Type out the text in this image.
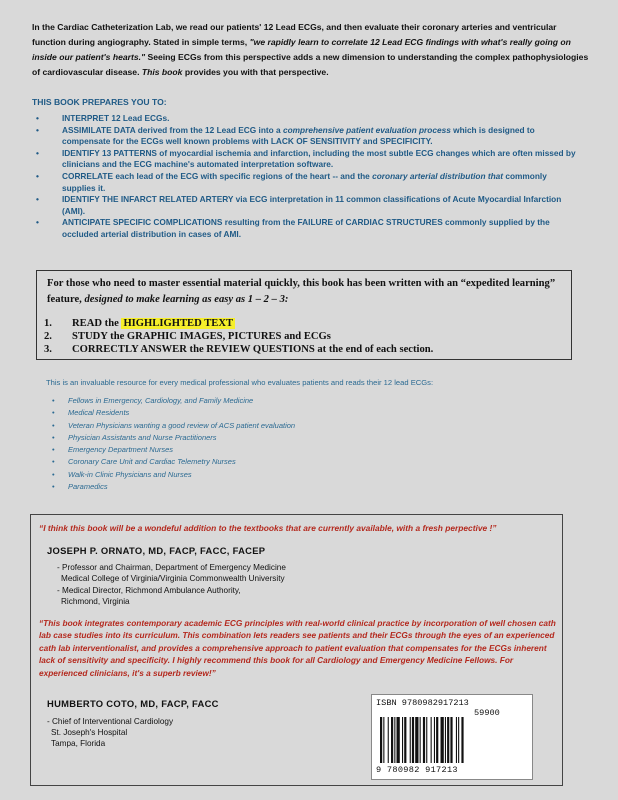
In the Cardiac Catheterization Lab, we read our patients' 12 Lead ECGs, and then evaluate their coronary arteries and ventricular function during angiography. Stated in simple terms, "we rapidly learn to correlate 12 Lead ECG findings with what's really going on inside our patient's hearts." Seeing ECGs from this perspective adds a new dimension to understanding the complex pathophysiologies of cardiovascular disease. This book provides you with that perspective.

THIS BOOK PREPARES YOU TO:

•	INTERPRET 12 Lead ECGs.
•	ASSIMILATE DATA derived from the 12 Lead ECG into a comprehensive patient evaluation process which is designed to compensate for the ECGs well known problems with LACK OF SENSITIVITY and SPECIFICITY.
•	IDENTIFY 13 PATTERNS of myocardial ischemia and infarction, including the most subtle ECG changes which are often missed by clinicians and the ECG machine's automated interpretation software.
•	CORRELATE each lead of the ECG with specific regions of the heart -- and the coronary arterial distribution that commonly supplies it.
•	IDENTIFY THE INFARCT RELATED ARTERY via ECG interpretation in 11 common classifications of Acute Myocardial Infarction (AMI).
•	ANTICIPATE SPECIFIC COMPLICATIONS resulting from the FAILURE of CARDIAC STRUCTURES commonly supplied by the occluded arterial distribution in cases of AMI.

For those who need to master essential material quickly, this book has been written with an “expedited learning” feature, designed to make learning as easy as 1 – 2 – 3:

1. READ the HIGHLIGHTED TEXT
2. STUDY the GRAPHIC IMAGES, PICTURES and ECGs
3. CORRECTLY ANSWER the REVIEW QUESTIONS at the end of each section.

This is an invaluable resource for every medical professional who evaluates patients and reads their 12 lead ECGs:

• Fellows in Emergency, Cardiology, and Family Medicine
• Medical Residents
• Veteran Physicians wanting a good review of ACS patient evaluation
• Physician Assistants and Nurse Practitioners
• Emergency Department Nurses
• Coronary Care Unit and Cardiac Telemetry Nurses
• Walk-in Clinic Physicians and Nurses
• Paramedics

“I think this book will be a wondeful addition to the textbooks that are currently available, with a fresh perpective !”

JOSEPH P. ORNATO, MD, FACP, FACC, FACEP

- Professor and Chairman, Department of Emergency Medicine
Medical College of Virginia/Virginia Commonwealth University
- Medical Director, Richmond Ambulance Authority,
Richmond, Virginia

“This book integrates contemporary academic ECG principles with real-world clinical practice by incorporation of well chosen cath lab case studies into its curriculum. This combination lets readers see patients and their ECGs through the eyes of an experienced cath lab interventionalist, and provides a comprehensive approach to patient evaluation that compensates for the ECGs inherent lack of sensitivity and specificity. I highly recommend this book for all Cardiology and Emergency Medicine Fellows. For experienced clinicians, it's a superb review!”

HUMBERTO COTO, MD, FACP, FACC

- Chief of Interventional Cardiology
St. Joseph's Hospital
Tampa, Florida
ISBN 9780982917213
59900
9 780982 917213
